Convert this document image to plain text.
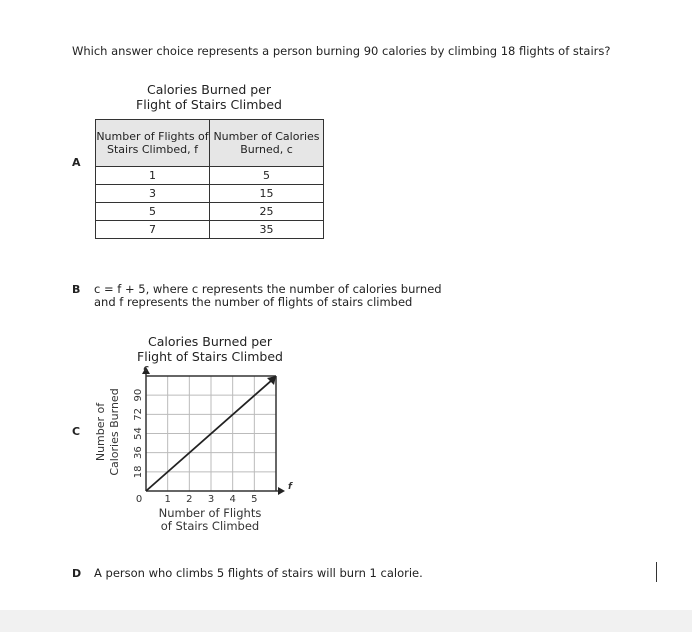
Which answer choice represents a person burning 90 calories by climbing 18 flights of stairs?
Calories Burned per
Flight of Stairs Climbed
A
Number of Flights of Stairs Climbed, f	Number of Calories Burned, c
1	5
3	15
5	25
7	35
B c = f + 5, where c represents the number of calories burned
and f represents the number of flights of stairs climbed
Calories Burned per
Flight of Stairs Climbed
C
c
f
0 1 2 3 4 5
18
36
54
72
90
Number of Flights
of Stairs Climbed
Number of Calories Burned
D A person who climbs 5 flights of stairs will burn 1 calorie.
